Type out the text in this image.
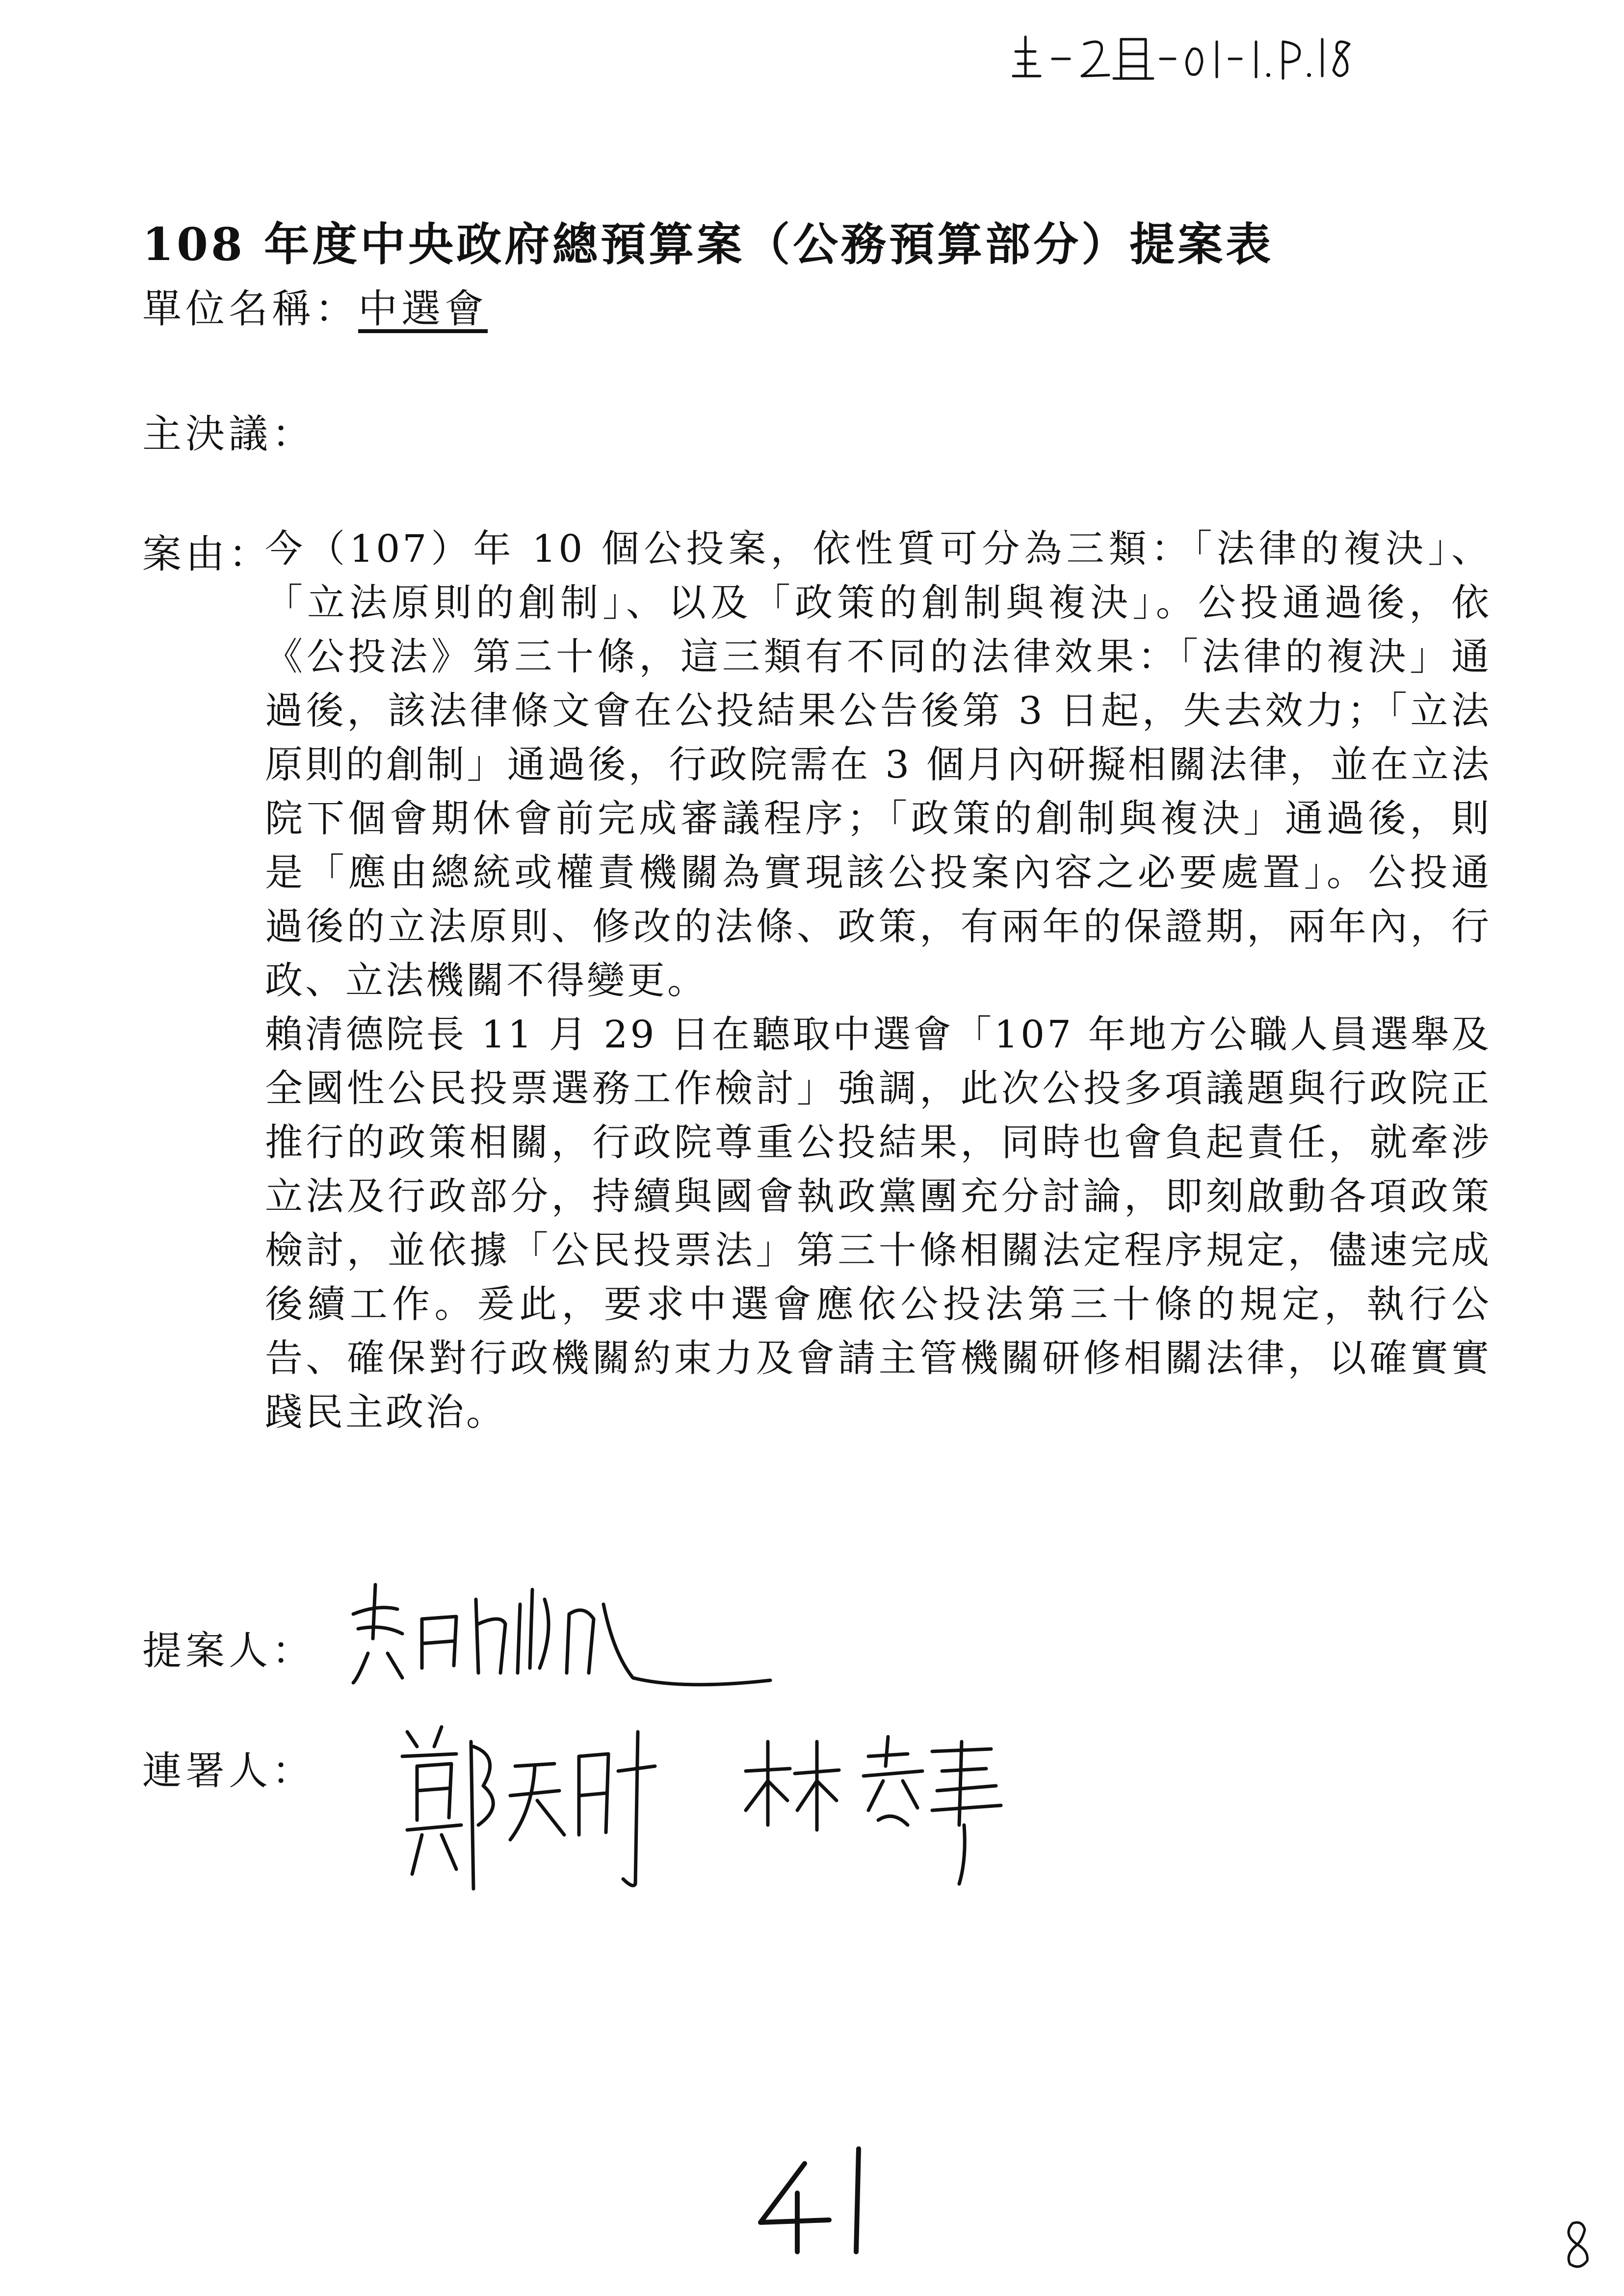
108 年度中央政府總預算案（公務預算部分）提案表
單位名稱：中選會
主決議：
案由：

今（107）年 10 個公投案，依性質可分為三類：「法律的複決」、「立法原則的創制」、以及「政策的創制與複決」。公投通過後，依《公投法》第三十條，這三類有不同的法律效果：「法律的複決」通過後，該法律條文會在公投結果公告後第 3 日起，失去效力；「立法原則的創制」通過後，行政院需在 3 個月內研擬相關法律，並在立法院下個會期休會前完成審議程序；「政策的創制與複決」通過後，則是「應由總統或權責機關為實現該公投案內容之必要處置」。公投通過後的立法原則、修改的法條、政策，有兩年的保證期，兩年內，行政、立法機關不得變更。

賴清德院長 11 月 29 日在聽取中選會「107 年地方公職人員選舉及全國性公民投票選務工作檢討」強調，此次公投多項議題與行政院正推行的政策相關，行政院尊重公投結果，同時也會負起責任，就牽涉立法及行政部分，持續與國會執政黨團充分討論，即刻啟動各項政策檢討，並依據「公民投票法」第三十條相關法定程序規定，儘速完成後續工作。爰此，要求中選會應依公投法第三十條的規定，執行公告、確保對行政機關約束力及會請主管機關研修相關法律，以確實實踐民主政治。

提案人：
連署人：
